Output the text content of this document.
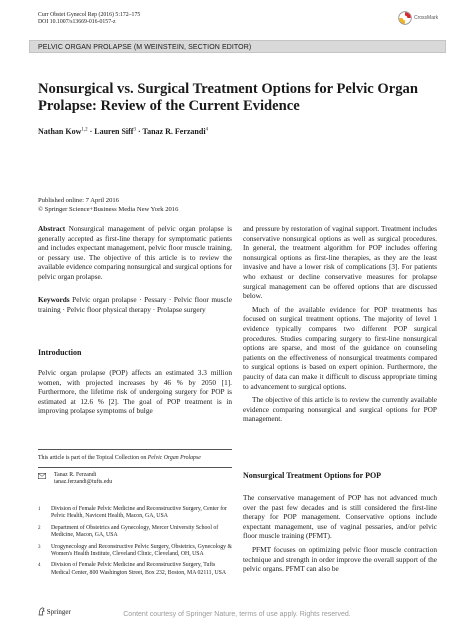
Curr Obstet Gynecol Rep (2016) 5:172–175
DOI 10.1007/s13669-016-0157-z
CrossMark
PELVIC ORGAN PROLAPSE (M WEINSTEIN, SECTION EDITOR)
Nonsurgical vs. Surgical Treatment Options for Pelvic Organ Prolapse: Review of the Current Evidence
Nathan Kow$^{1,2}$ · Lauren Siff$^3$ · Tanaz R. Ferzandi$^4$
Published online: 7 April 2016
© Springer Science+Business Media New York 2016
Abstract Nonsurgical management of pelvic organ prolapse is generally accepted as first-line therapy for symptomatic patients and includes expectant management, pelvic floor muscle training, or pessary use. The objective of this article is to review the available evidence comparing nonsurgical and surgical options for pelvic organ prolapse.
Keywords Pelvic organ prolapse · Pessary · Pelvic floor muscle training · Pelvic floor physical therapy · Prolapse surgery
Introduction
Pelvic organ prolapse (POP) affects an estimated 3.3 million women, with projected increases by 46 % by 2050 [1]. Furthermore, the lifetime risk of undergoing surgery for POP is estimated at 12.6 % [2]. The goal of POP treatment is in improving prolapse symptoms of bulge
This article is part of the Topical Collection on Pelvic Organ Prolapse
Tanaz R. Ferzandi
tanaz.ferzandi@tufts.edu
1 Division of Female Pelvic Medicine and Reconstructive Surgery, Center for Pelvic Health, Navicent Health, Macon, GA, USA
2 Department of Obstetrics and Gynecology, Mercer University School of Medicine, Macon, GA, USA
3 Urogynecology and Reconstructive Pelvic Surgery, Obstetrics, Gynecology & Women's Health Institute, Cleveland Clinic, Cleveland, OH, USA
4 Division of Female Pelvic Medicine and Reconstructive Surgery, Tufts Medical Center, 800 Washington Street, Box 232, Boston, MA 02111, USA

and pressure by restoration of vaginal support. Treatment includes conservative nonsurgical options as well as surgical procedures. In general, the treatment algorithm for POP includes offering nonsurgical options as first-line therapies, as they are the least invasive and have a lower risk of complications [3]. For patients who exhaust or decline conservative measures for prolapse surgical management can be offered options that are discussed below.

Much of the available evidence for POP treatments has focused on surgical treatment options. The majority of level 1 evidence typically compares two different POP surgical procedures. Studies comparing surgery to first-line nonsurgical options are sparse, and most of the guidance on counseling patients on the effectiveness of nonsurgical treatments compared to surgical options is based on expert opinion. Furthermore, the paucity of data can make it difficult to discuss appropriate timing to advancement to surgical options.

The objective of this article is to review the currently available evidence comparing nonsurgical and surgical options for POP management.

Nonsurgical Treatment Options for POP

The conservative management of POP has not advanced much over the past few decades and is still considered the first-line therapy for POP management. Conservative options include expectant management, use of vaginal pessaries, and/or pelvic floor muscle training (PFMT).

PFMT focuses on optimizing pelvic floor muscle contraction technique and strength in order improve the overall support of the pelvic organs. PFMT can also be

Springer	Content courtesy of Springer Nature, terms of use apply. Rights reserved.
